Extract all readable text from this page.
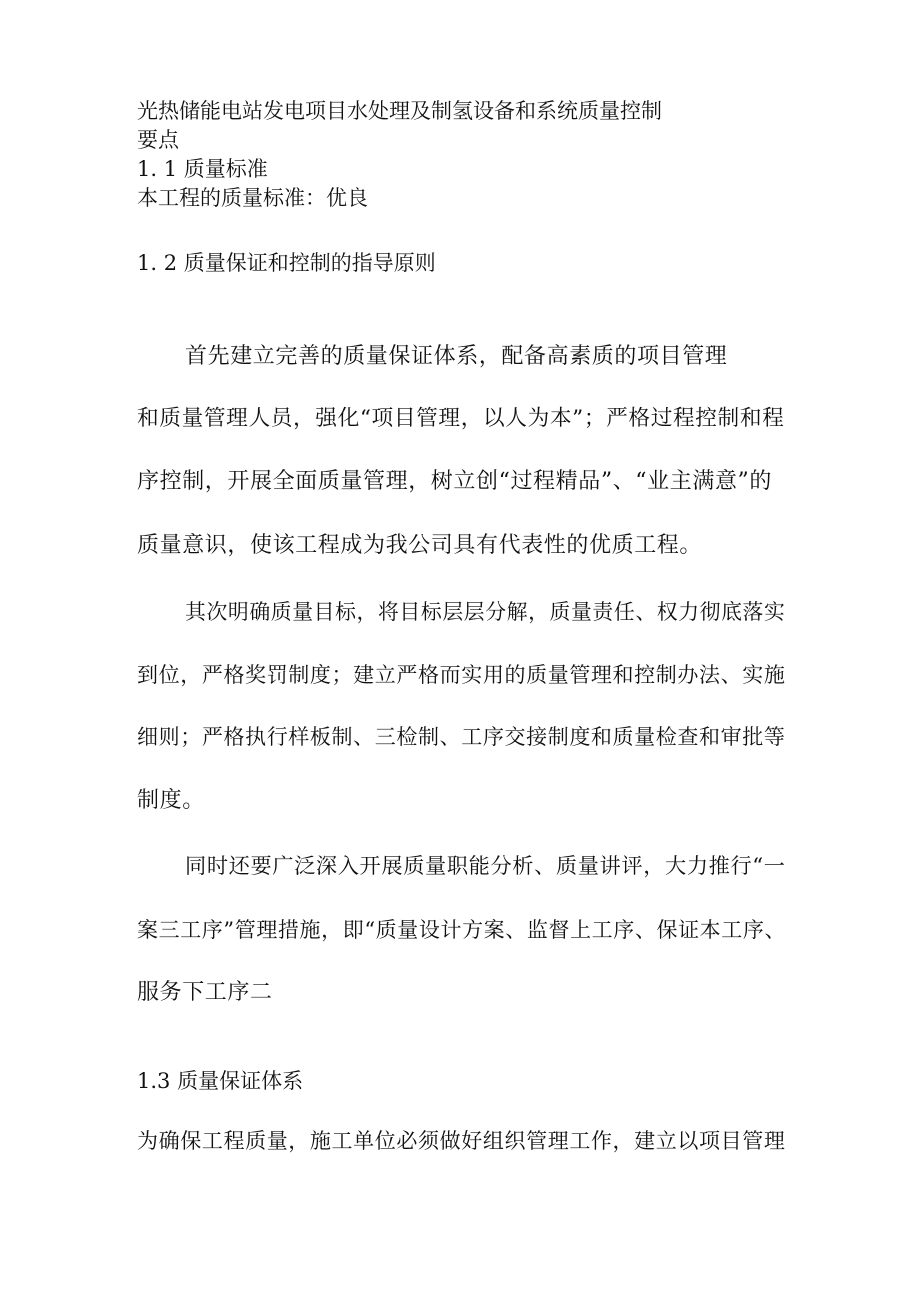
光热储能电站发电项目水处理及制氢设备和系统质量控制
要点
1. 1 质量标准
本工程的质量标准：优良
1. 2 质量保证和控制的指导原则
首先建立完善的质量保证体系，配备高素质的项目管理
和质量管理人员，强化“项目管理，以人为本”；严格过程控制和程
序控制，开展全面质量管理，树立创“过程精品”、“业主满意”的
质量意识，使该工程成为我公司具有代表性的优质工程。
其次明确质量目标，将目标层层分解，质量责任、权力彻底落实
到位，严格奖罚制度；建立严格而实用的质量管理和控制办法、实施
细则；严格执行样板制、三检制、工序交接制度和质量检查和审批等
制度。
同时还要广泛深入开展质量职能分析、质量讲评，大力推行“一
案三工序”管理措施，即“质量设计方案、监督上工序、保证本工序、
服务下工序二
1.3 质量保证体系
为确保工程质量，施工单位必须做好组织管理工作，建立以项目管理
